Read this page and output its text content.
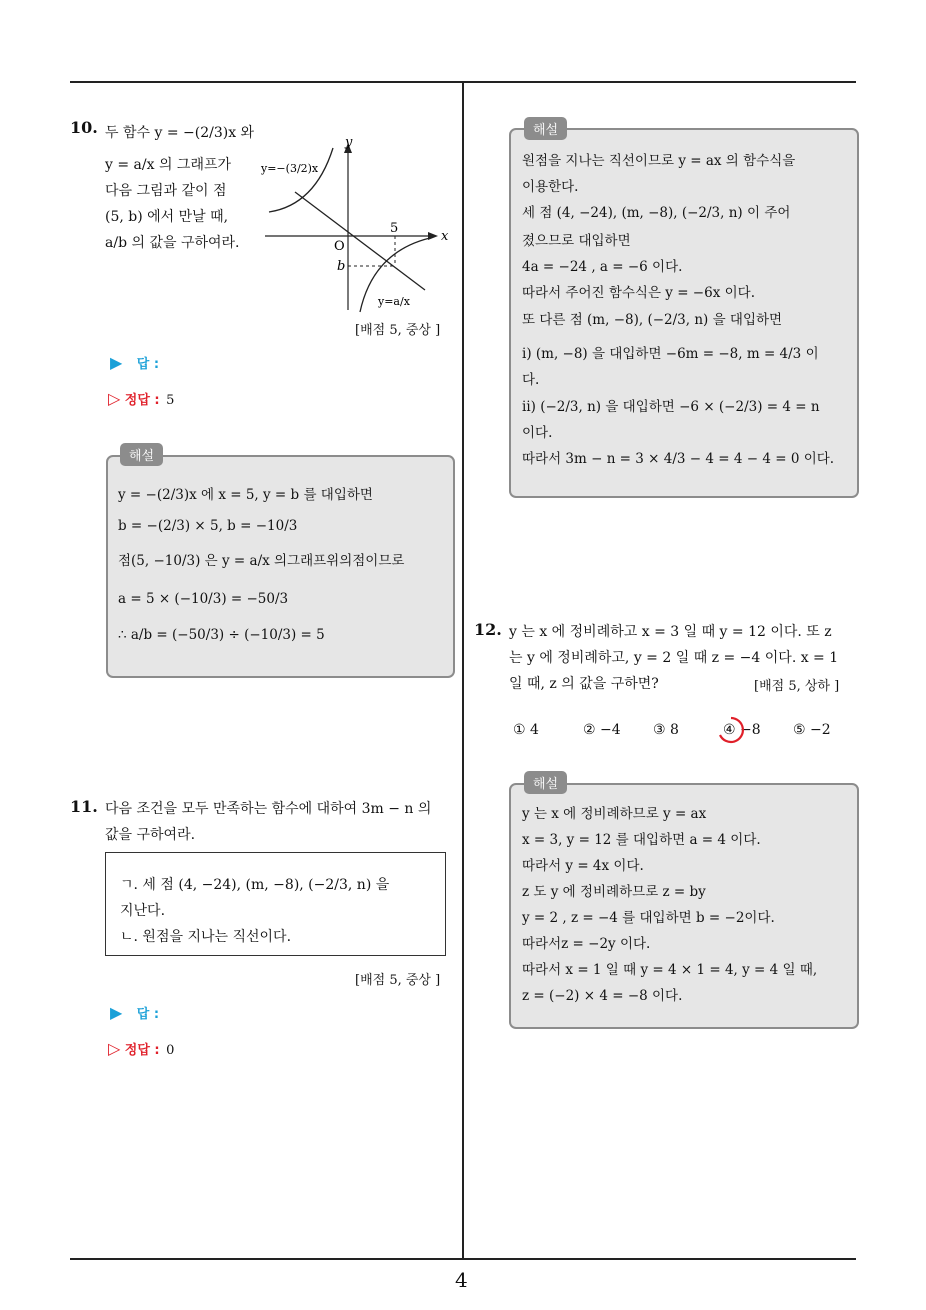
4
10. 두 함수 y = −(2/3)x 와
y = a/x 의 그래프가
다음 그림과 같이 점
(5, b) 에서 만날 때,
a/b 의 값을 구하여라.
y
x
O
5
b
y=−(3/2)x
y=a/x
[배점 5, 중상 ]
▶ 답 :
▷ 정답 : 5
해설
y = −(2/3)x 에 x = 5, y = b 를 대입하면
b = −(2/3) × 5, b = −10/3
점(5, −10/3) 은 y = a/x 의그래프위의점이므로
a = 5 × (−10/3) = −50/3
∴ a/b = (−50/3) ÷ (−10/3) = 5
11. 다음 조건을 모두 만족하는 함수에 대하여 3m − n 의
값을 구하여라.
ㄱ. 세 점 (4, −24), (m, −8), (−2/3, n) 을
지난다.
ㄴ. 원점을 지나는 직선이다.
[배점 5, 중상 ]
▶ 답 :
▷ 정답 : 0
해설
원점을 지나는 직선이므로 y = ax 의 함수식을
이용한다.
세 점 (4, −24), (m, −8), (−2/3, n) 이 주어
졌으므로 대입하면
4a = −24 , a = −6 이다.
따라서 주어진 함수식은 y = −6x 이다.
또 다른 점 (m, −8), (−2/3, n) 을 대입하면
ⅰ) (m, −8) 을 대입하면 −6m = −8, m = 4/3 이
다.
ⅱ) (−2/3, n) 을 대입하면 −6 × (−2/3) = 4 = n
이다.
따라서 3m − n = 3 × 4/3 − 4 = 4 − 4 = 0 이다.
12. y 는 x 에 정비례하고 x = 3 일 때 y = 12 이다. 또 z
는 y 에 정비례하고, y = 2 일 때 z = −4 이다. x = 1
일 때, z 의 값을 구하면?	[배점 5, 상하 ]
① 4	② −4 ③ 8	④ −8 ⑤ −2
해설
y 는 x 에 정비례하므로 y = ax
x = 3, y = 12 를 대입하면 a = 4 이다.
따라서 y = 4x 이다.
z 도 y 에 정비례하므로 z = by
y = 2 , z = −4 를 대입하면 b = −2이다.
따라서z = −2y 이다.
따라서 x = 1 일 때 y = 4 × 1 = 4, y = 4 일 때,
z = (−2) × 4 = −8 이다.
